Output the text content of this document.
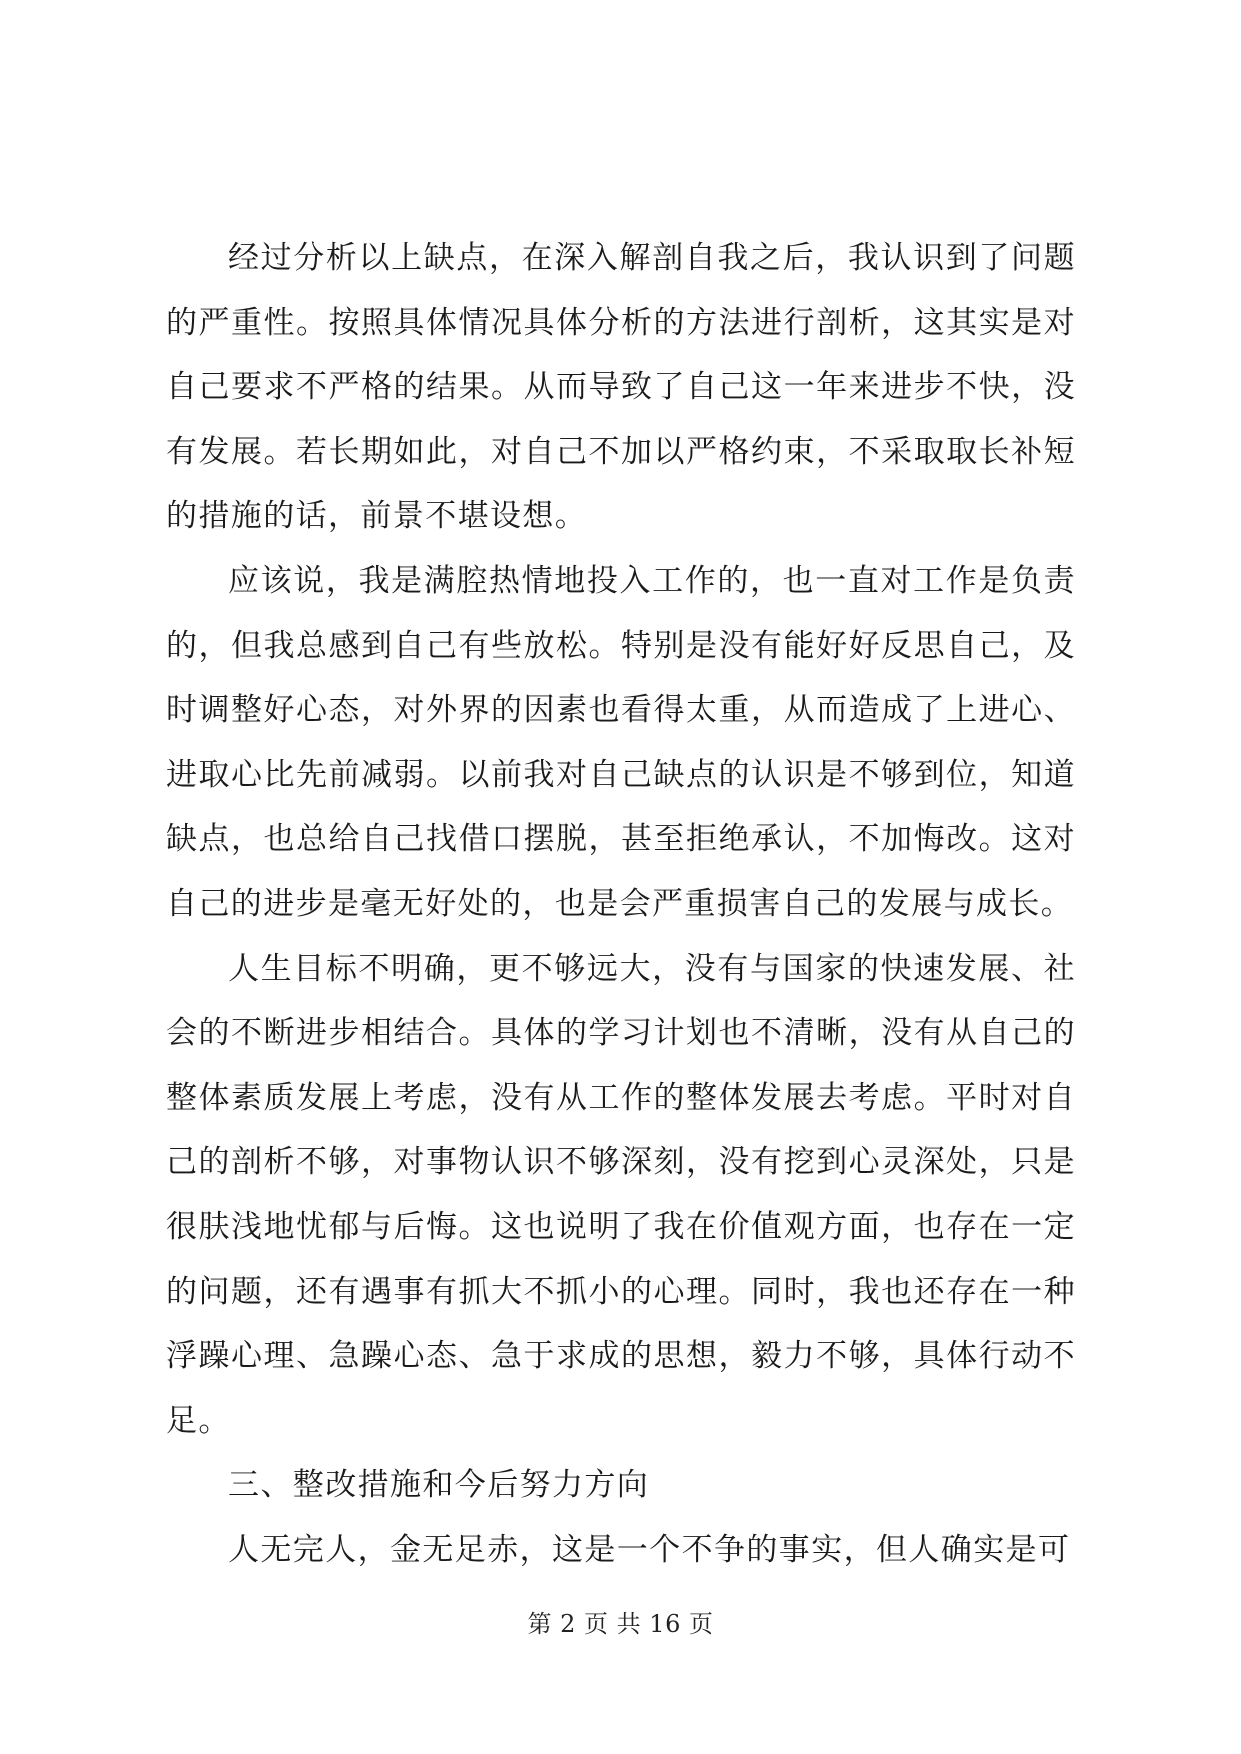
经过分析以上缺点，在深入解剖自我之后，我认识到了问题的严重性。按照具体情况具体分析的方法进行剖析，这其实是对自己要求不严格的结果。从而导致了自己这一年来进步不快，没有发展。若长期如此，对自己不加以严格约束，不采取取长补短的措施的话，前景不堪设想。

应该说，我是满腔热情地投入工作的，也一直对工作是负责的，但我总感到自己有些放松。特别是没有能好好反思自己，及时调整好心态，对外界的因素也看得太重，从而造成了上进心、进取心比先前减弱。以前我对自己缺点的认识是不够到位，知道缺点，也总给自己找借口摆脱，甚至拒绝承认，不加悔改。这对自己的进步是毫无好处的，也是会严重损害自己的发展与成长。

人生目标不明确，更不够远大，没有与国家的快速发展、社会的不断进步相结合。具体的学习计划也不清晰，没有从自己的整体素质发展上考虑，没有从工作的整体发展去考虑。平时对自己的剖析不够，对事物认识不够深刻，没有挖到心灵深处，只是很肤浅地忧郁与后悔。这也说明了我在价值观方面，也存在一定的问题，还有遇事有抓大不抓小的心理。同时，我也还存在一种浮躁心理、急躁心态、急于求成的思想，毅力不够，具体行动不足。

三、整改措施和今后努力方向

人无完人，金无足赤，这是一个不争的事实，但人确实是可

第 2 页 共 16 页
